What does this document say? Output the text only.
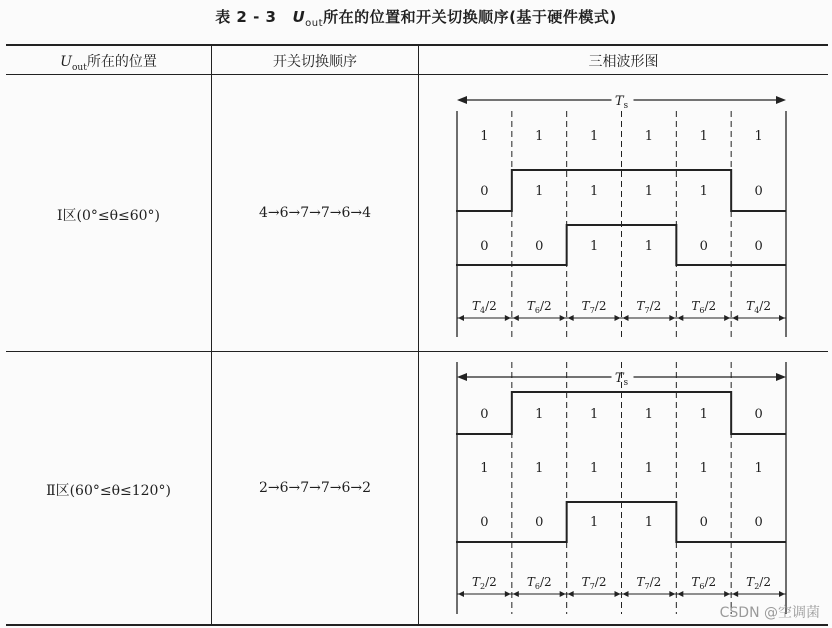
表 2 - 3 $U_{out}$所在的位置和开关切换顺序(基于硬件模式)
$U_{out}$所在的位置	开关切换顺序	三相波形图
Ⅰ区(0°≤θ≤60°)	4→6→7→7→6→4
Ⅱ区(60°≤θ≤120°)	2→6→7→7→6→2
$T_s$
1	1	1	1	1	1
0	1	1	1	1	0
0	0	1	1	0	0
$T_4/2$	$T_6/2$	$T_7/2$	$T_7/2$	$T_6/2$	$T_4/2$
$T_s$
0	1	1	1	1	0
1	1	1	1	1	1
0	0	1	1	0	0
$T_2/2$	$T_6/2$	$T_7/2$	$T_7/2$	$T_6/2$	$T_2/2$
CSDN @空调菌
